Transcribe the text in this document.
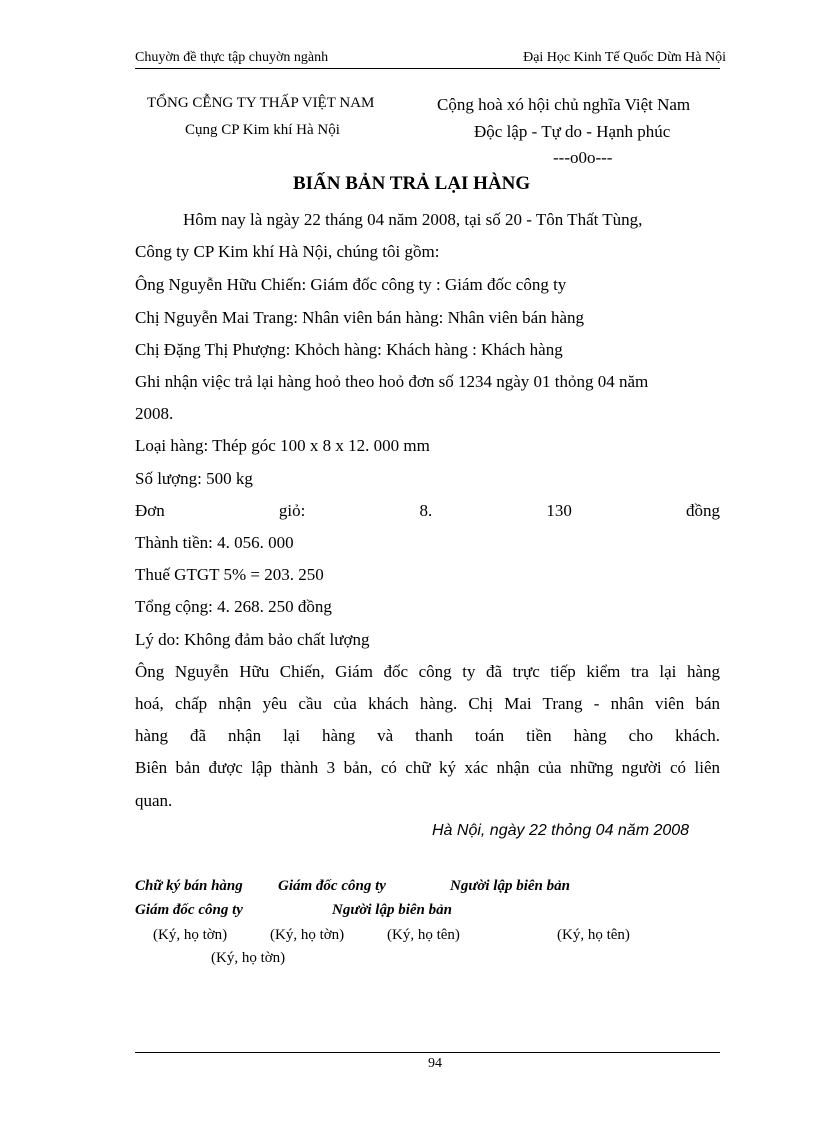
Chuyờn đề thực tập chuyờn ngành	Đại Học Kinh Tế Quốc Dừn Hà Nội
TỔNG CỄNG TY THẤP VIỆT NAM
Cụng CP Kim khí Hà Nội
Cộng hoà xó hội chủ nghĩa Việt Nam
Độc lập - Tự do - Hạnh phúc
---o0o---
BIẤN BẢN TRẢ LẠI HÀNG
Hôm nay là ngày 22 tháng 04 năm 2008, tại số 20 - Tôn Thất Tùng,
Công ty CP Kim khí Hà Nội, chúng tôi gồm:
Ông Nguyễn Hữu Chiến: Giám đốc công ty : Giám đốc công ty
Chị Nguyễn Mai Trang: Nhân viên bán hàng: Nhân viên bán hàng
Chị Đặng Thị Phượng: Khỏch hàng: Khách hàng : Khách hàng
Ghi nhận việc trả lại hàng hoỏ theo hoỏ đơn số 1234 ngày 01 thỏng 04 năm
2008.
Loại hàng: Thép góc 100 x 8 x 12. 000 mm
Số lượng: 500 kg
Đơn	giỏ:	8.	130	đồng
Thành tiền: 4. 056. 000
Thuế GTGT 5% = 203. 250
Tổng cộng: 4. 268. 250 đồng
Lý do: Không đảm bảo chất lượng
Ông Nguyễn Hữu Chiến, Giám đốc công ty đã trực tiếp kiểm tra lại hàng
hoá, chấp nhận yêu cầu của khách hàng. Chị Mai Trang - nhân viên bán
hàng đã nhận lại hàng và thanh toán tiền hàng cho khách.
Biên bản được lập thành 3 bản, có chữ ký xác nhận của những người có liên
quan.
Hà Nội, ngày 22 thỏng 04 năm 2008
Chữ ký bán hàng Giám đốc công ty	Người lập biên bản
Giám đốc công ty	Người lập biên bản
(Ký, họ tờn)	(Ký, họ tờn)	(Ký, họ tên)	(Ký, họ tên)
(Ký, họ tờn)
94
